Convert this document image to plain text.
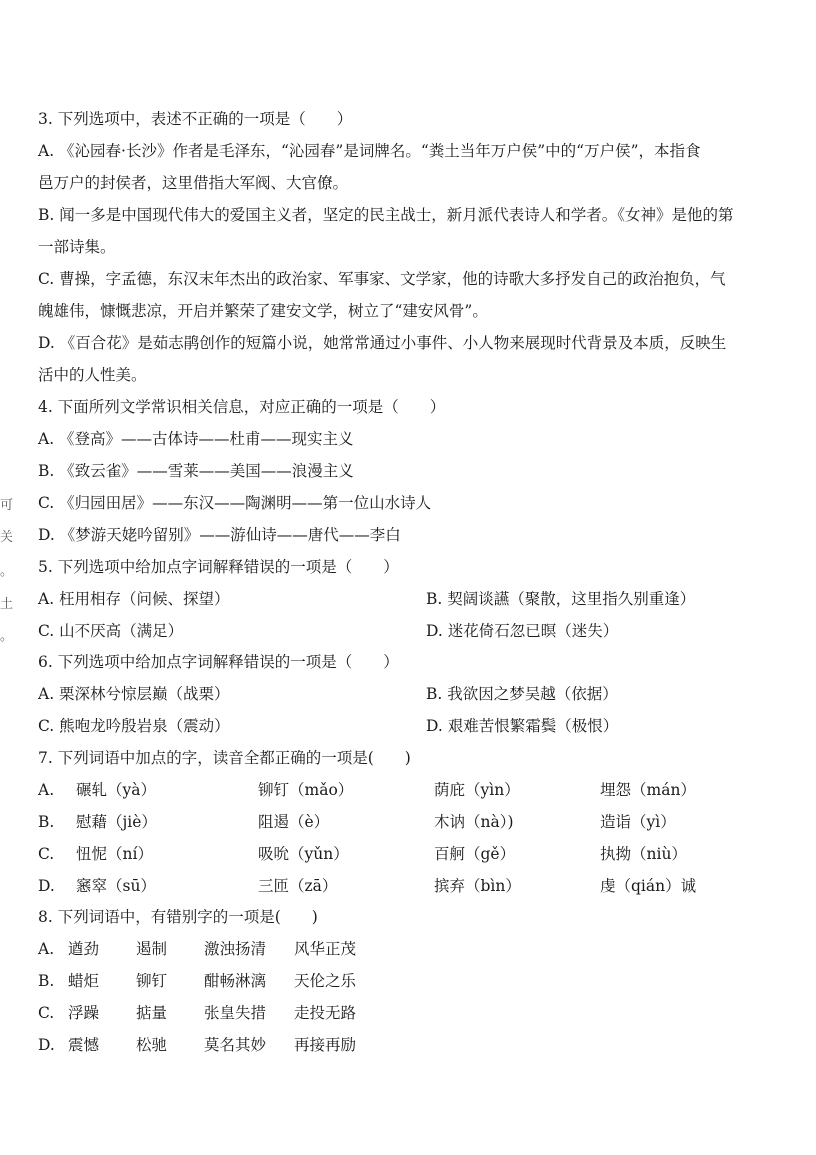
可
关
。
土
。
3. 下列选项中，表述不正确的一项是（　　）
A. 《沁园春·长沙》作者是毛泽东，“沁园春”是词牌名。“粪土当年万户侯”中的“万户侯”，本指食
邑万户的封侯者，这里借指大军阀、大官僚。
B. 闻一多是中国现代伟大的爱国主义者，坚定的民主战士，新月派代表诗人和学者。《女神》是他的第
一部诗集。
C. 曹操，字孟德，东汉末年杰出的政治家、军事家、文学家，他的诗歌大多抒发自己的政治抱负，气
魄雄伟，慷慨悲凉，开启并繁荣了建安文学，树立了“建安风骨”。
D. 《百合花》是茹志鹃创作的短篇小说，她常常通过小事件、小人物来展现时代背景及本质，反映生
活中的人性美。
4. 下面所列文学常识相关信息，对应正确的一项是（　　）
A. 《登高》——古体诗——杜甫——现实主义
B. 《致云雀》——雪莱——美国——浪漫主义
C. 《归园田居》——东汉——陶渊明——第一位山水诗人
D. 《梦游天姥吟留别》——游仙诗——唐代——李白
5. 下列选项中给加点字词解释错误的一项是（　　）
A. 枉用相存（问候、探望）	B. 契阔谈讌（聚散，这里指久别重逢）
C. 山不厌高（满足）	D. 迷花倚石忽已暝（迷失）
6. 下列选项中给加点字词解释错误的一项是（　　）
A. 栗深林兮惊层巅（战栗）	B. 我欲因之梦吴越（依据）
C. 熊咆龙吟殷岩泉（震动）	D. 艰难苦恨繁霜鬓（极恨）
7. 下列词语中加点的字，读音全都正确的一项是(　　)
A. 碾轧（yà）	铆钉（mǎo）	荫庇（yìn）	埋怨（mán）
B. 慰藉（jiè）	阻遏（è）	木讷（nà）)	造诣（yì）
C. 忸怩（ní）	吸吮（yǔn）	百舸（gě）	执拗（niù）
D. 窸窣（sū）	三匝（zā）	摈弃（bìn）	虔（qián）诚
8. 下列词语中，有错别字的一项是(　　)
A. 遒劲 遏制 激浊扬清 风华正茂
B. 蜡炬 铆钉 酣畅淋漓 天伦之乐
C. 浮躁 掂量 张皇失措 走投无路
D. 震憾 松驰 莫名其妙 再接再励
